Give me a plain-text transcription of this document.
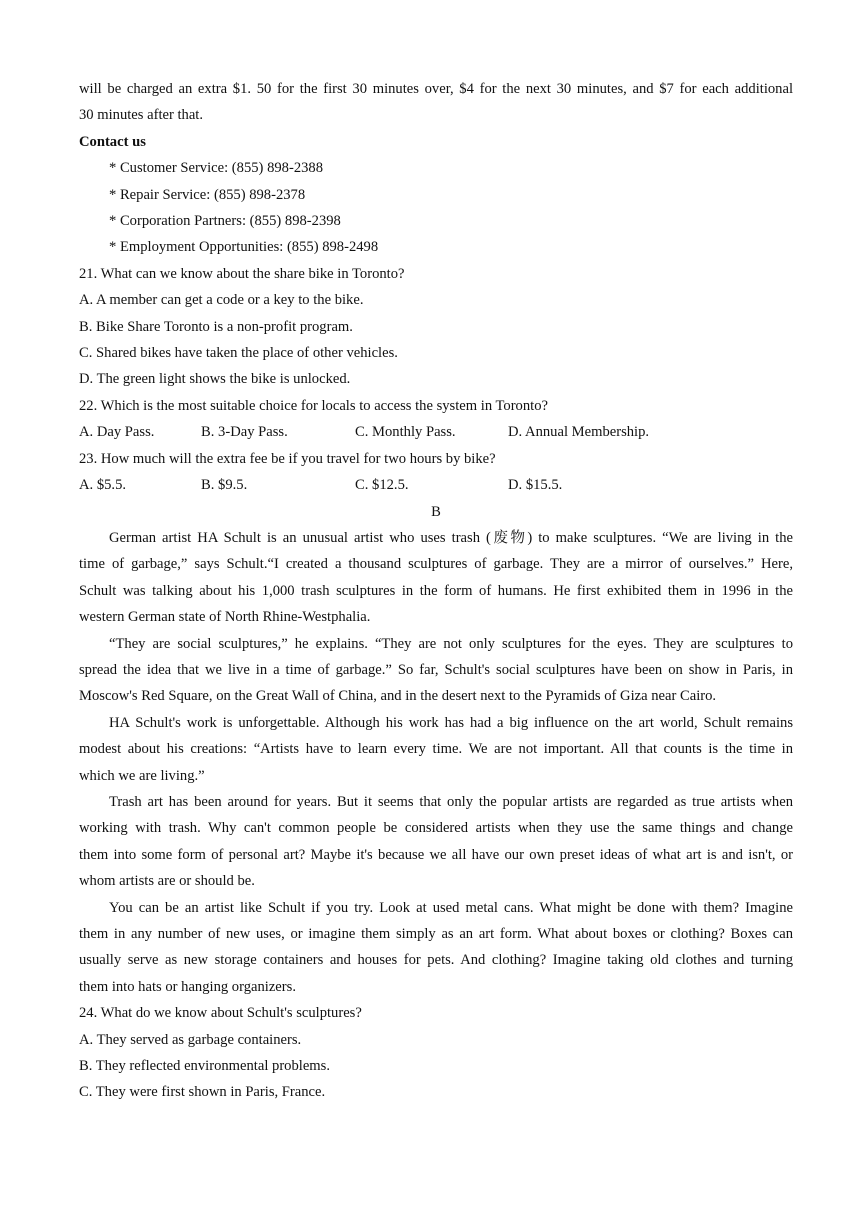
will be charged an extra $1. 50 for the first 30 minutes over, $4 for the next 30 minutes, and $7 for each additional
30 minutes after that.
Contact us
* Customer Service: (855) 898-2388
* Repair Service: (855) 898-2378
* Corporation Partners: (855) 898-2398
* Employment Opportunities: (855) 898-2498
21. What can we know about the share bike in Toronto?
A. A member can get a code or a key to the bike.
B. Bike Share Toronto is a non-profit program.
C. Shared bikes have taken the place of other vehicles.
D. The green light shows the bike is unlocked.
22. Which is the most suitable choice for locals to access the system in Toronto?
A. Day Pass.	B. 3-Day Pass.	C. Monthly Pass.	D. Annual Membership.
23. How much will the extra fee be if you travel for two hours by bike?
A. $5.5.	B. $9.5.	C. $12.5.	D. $15.5.
B
German artist HA Schult is an unusual artist who uses trash (废物) to make sculptures. “We are living in the
time of garbage,” says Schult.“I created a thousand sculptures of garbage. They are a mirror of ourselves.” Here,
Schult was talking about his 1,000 trash sculptures in the form of humans. He first exhibited them in 1996 in the
western German state of North Rhine-Westphalia.
“They are social sculptures,” he explains. “They are not only sculptures for the eyes. They are sculptures to
spread the idea that we live in a time of garbage.” So far, Schult's social sculptures have been on show in Paris, in
Moscow's Red Square, on the Great Wall of China, and in the desert next to the Pyramids of Giza near Cairo.
HA Schult's work is unforgettable. Although his work has had a big influence on the art world, Schult remains
modest about his creations: “Artists have to learn every time. We are not important. All that counts is the time in
which we are living.”
Trash art has been around for years. But it seems that only the popular artists are regarded as true artists when
working with trash. Why can't common people be considered artists when they use the same things and change
them into some form of personal art? Maybe it's because we all have our own preset ideas of what art is and isn't, or
whom artists are or should be.
You can be an artist like Schult if you try. Look at used metal cans. What might be done with them? Imagine
them in any number of new uses, or imagine them simply as an art form. What about boxes or clothing? Boxes can
usually serve as new storage containers and houses for pets. And clothing? Imagine taking old clothes and turning
them into hats or hanging organizers.
24. What do we know about Schult's sculptures?
A. They served as garbage containers.
B. They reflected environmental problems.
C. They were first shown in Paris, France.
